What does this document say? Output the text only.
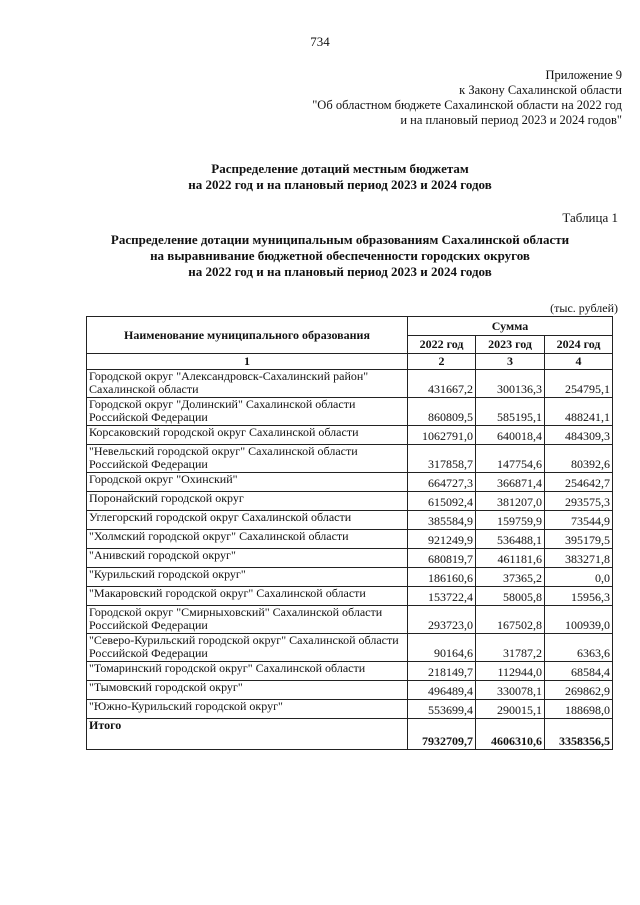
734
Приложение 9
к Закону Сахалинской области
"Об областном бюджете Сахалинской области на 2022 год
и на плановый период 2023 и 2024 годов"
Распределение дотаций местным бюджетам
на 2022 год и на плановый период 2023 и 2024 годов
Таблица 1
Распределение дотации муниципальным образованиям Сахалинской области
на выравнивание бюджетной обеспеченности городских округов
на 2022 год и на плановый период 2023 и 2024 годов
(тыс. рублей)
Наименование муниципального образования	Сумма		
	2022 год	2023 год	2024 год
1	2	3	4
Городской округ "Александровск-Сахалинский район" Сахалинской области	431667,2	300136,3	254795,1
Городской округ "Долинский" Сахалинской области Российской Федерации	860809,5	585195,1	488241,1
Корсаковский городской округ Сахалинской области	1062791,0	640018,4	484309,3
"Невельский городской округ" Сахалинской области Российской Федерации	317858,7	147754,6	80392,6
Городской округ "Охинский"	664727,3	366871,4	254642,7
Поронайский городской округ	615092,4	381207,0	293575,3
Углегорский городской округ Сахалинской области	385584,9	159759,9	73544,9
"Холмский городской округ" Сахалинской области	921249,9	536488,1	395179,5
"Анивский городской округ"	680819,7	461181,6	383271,8
"Курильский городской округ"	186160,6	37365,2	0,0
"Макаровский городской округ" Сахалинской области	153722,4	58005,8	15956,3
Городской округ "Смирныховский" Сахалинской области Российской Федерации	293723,0	167502,8	100939,0
"Северо-Курильский городской округ" Сахалинской области Российской Федерации	90164,6	31787,2	6363,6
"Томаринский городской округ" Сахалинской области	218149,7	112944,0	68584,4
"Тымовский городской округ"	496489,4	330078,1	269862,9
"Южно-Курильский городской округ"	553699,4	290015,1	188698,0
Итого	7932709,7	4606310,6	3358356,5
